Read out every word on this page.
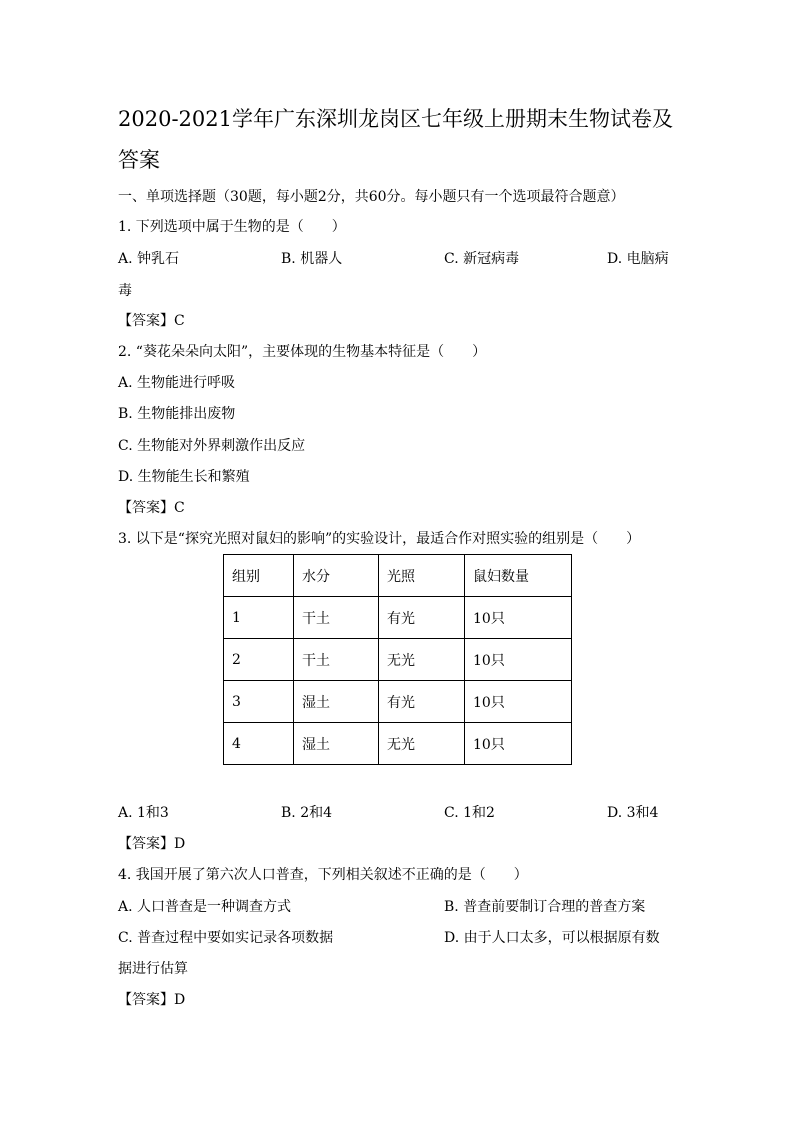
2020-2021学年广东深圳龙岗区七年级上册期末生物试卷及
答案
一、单项选择题（30题，每小题2分，共60分。每小题只有一个选项最符合题意）
1. 下列选项中属于生物的是（　　）
A. 钟乳石	B. 机器人	C. 新冠病毒	D. 电脑病
毒
【答案】C
2. “葵花朵朵向太阳”，主要体现的生物基本特征是（　　）
A. 生物能进行呼吸
B. 生物能排出废物
C. 生物能对外界刺激作出反应
D. 生物能生长和繁殖
【答案】C
3. 以下是“探究光照对鼠妇的影响”的实验设计，最适合作对照实验的组别是（　　）
组别	水分	光照	鼠妇数量
1	干土	有光	10只
2	干土	无光	10只
3	湿土	有光	10只
4	湿土	无光	10只
A. 1和3	B. 2和4	C. 1和2	D. 3和4
【答案】D
4. 我国开展了第六次人口普查，下列相关叙述不正确的是（　　）
A. 人口普查是一种调查方式	B. 普查前要制订合理的普查方案
C. 普查过程中要如实记录各项数据	D. 由于人口太多，可以根据原有数
据进行估算
【答案】D
